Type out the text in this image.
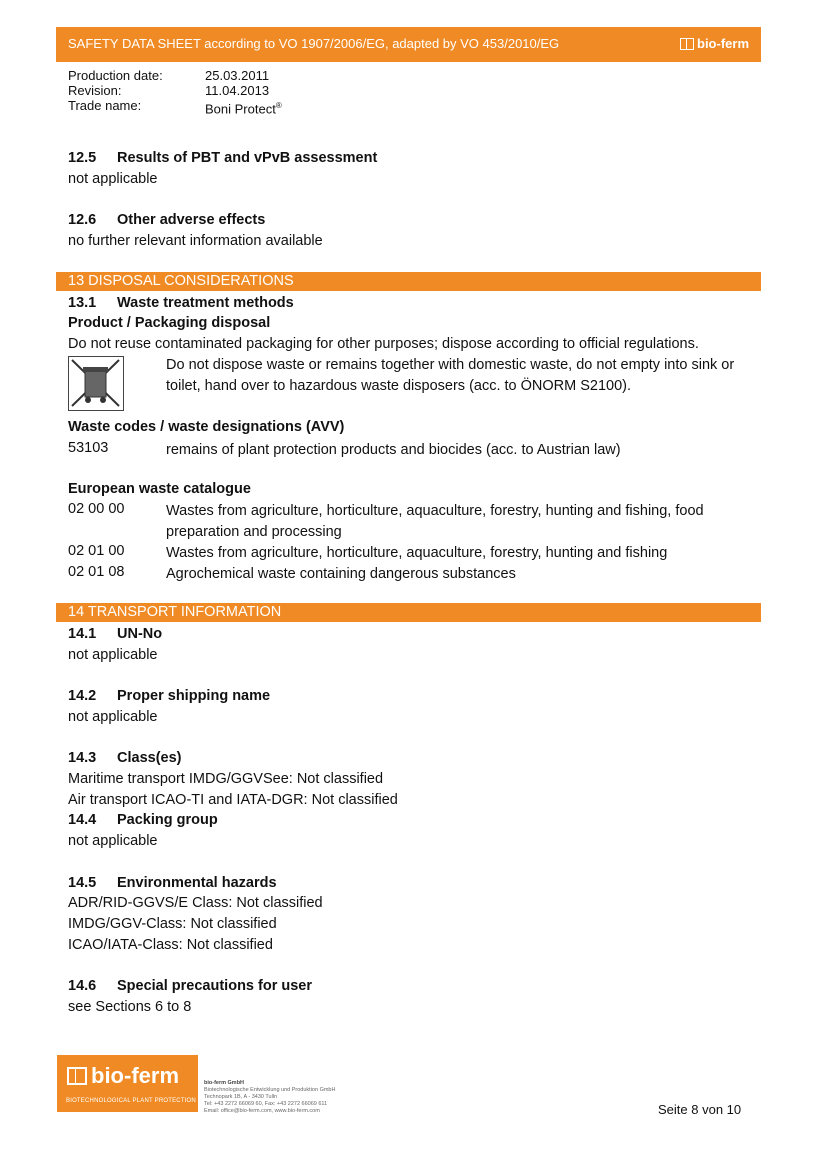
SAFETY DATA SHEET according to VO 1907/2006/EG, adapted by VO 453/2010/EG	bio-ferm
Production date:	25.03.2011
Revision:	11.04.2013
Trade name:	Boni Protect®
12.5 Results of PBT and vPvB assessment
not applicable
12.6 Other adverse effects
no further relevant information available
13 DISPOSAL CONSIDERATIONS
13.1 Waste treatment methods
Product / Packaging disposal
Do not reuse contaminated packaging for other purposes; dispose according to official regulations.
Do not dispose waste or remains together with domestic waste, do not empty into sink or
toilet, hand over to hazardous waste disposers (acc. to ÖNORM S2100).
Waste codes / waste designations (AVV)
53103	remains of plant protection products and biocides (acc. to Austrian law)
European waste catalogue
02 00 00	Wastes from agriculture, horticulture, aquaculture, forestry, hunting and fishing, food preparation and processing
02 01 00	Wastes from agriculture, horticulture, aquaculture, forestry, hunting and fishing
02 01 08	Agrochemical waste containing dangerous substances
14 TRANSPORT INFORMATION
14.1 UN-No
not applicable
14.2 Proper shipping name
not applicable
14.3 Class(es)
Maritime transport IMDG/GGVSee: Not classified
Air transport ICAO-TI and IATA-DGR: Not classified
14.4 Packing group
not applicable
14.5 Environmental hazards
ADR/RID-GGVS/E Class: Not classified
IMDG/GGV-Class: Not classified
ICAO/IATA-Class: Not classified
14.6 Special precautions for user
see Sections 6 to 8
bio-ferm
BIOTECHNOLOGICAL PLANT PROTECTION
bio-ferm GmbH
Biotechnologische Entwicklung und Produktion GmbH
Technopark 1B, A - 3430 Tulln
Tel: +43 2272 66069 60, Fax: +43 2272 66069 611
Email: office@bio-ferm.com, www.bio-ferm.com	Seite 8 von 10
